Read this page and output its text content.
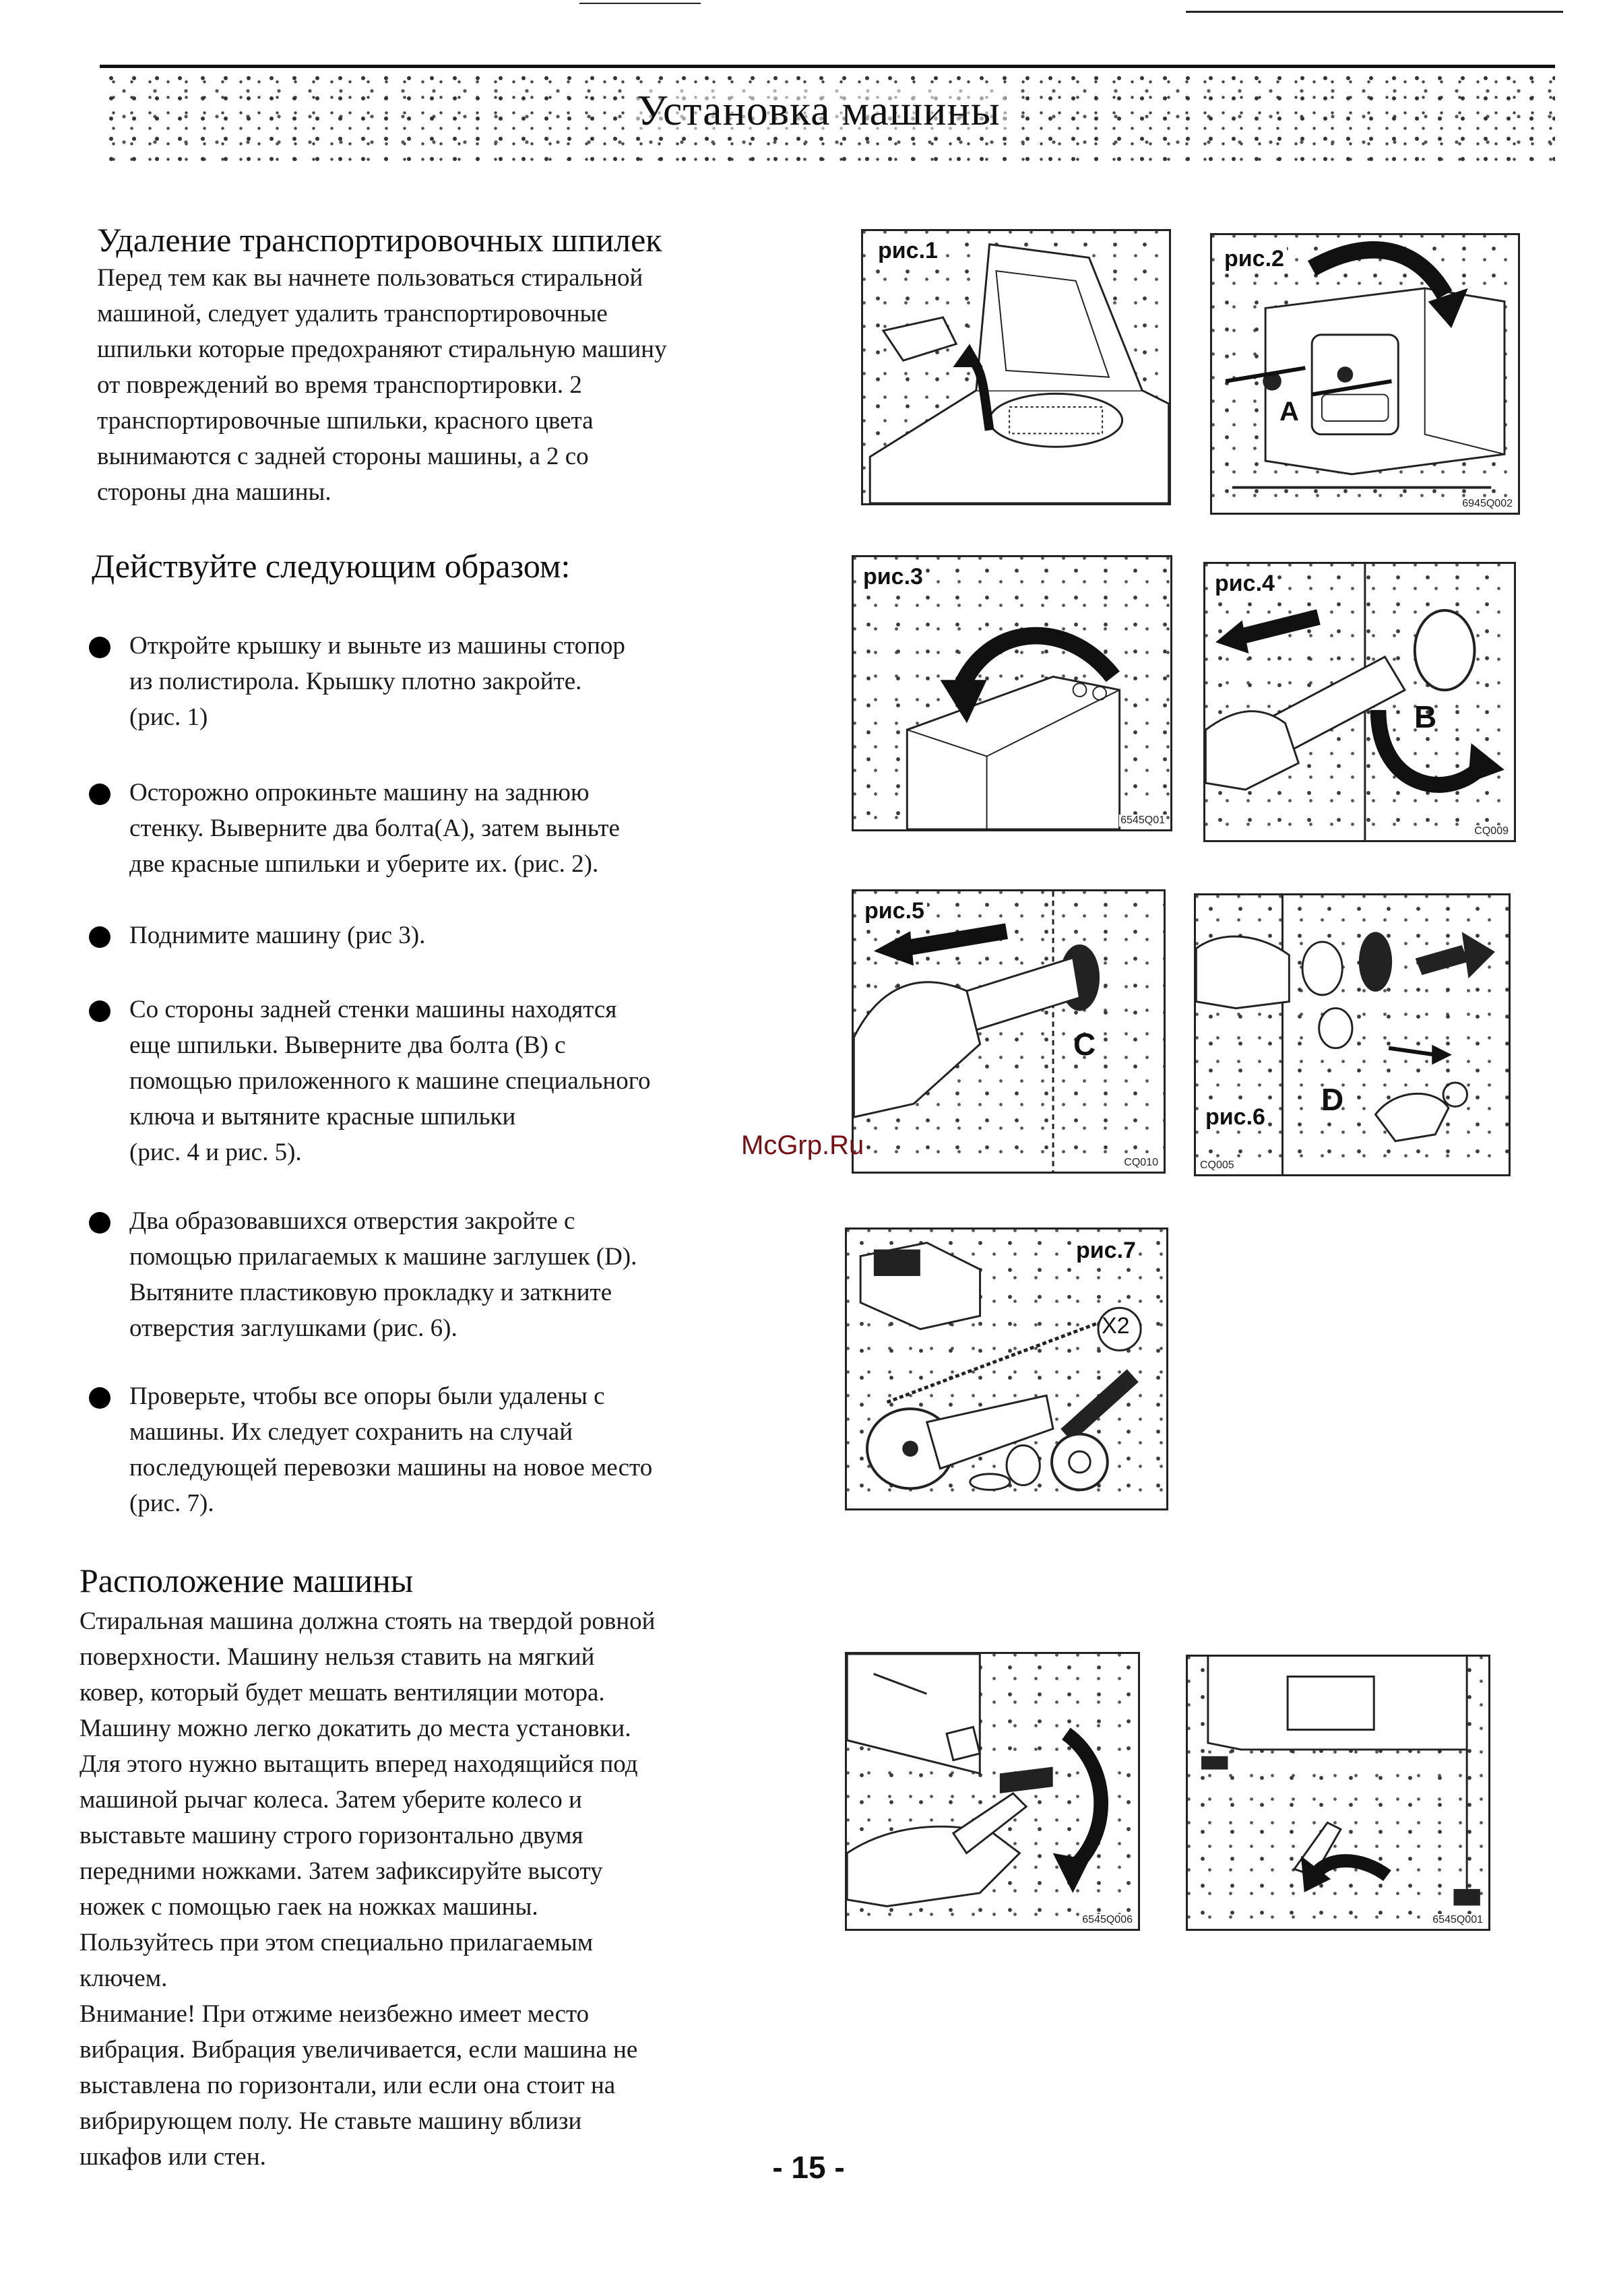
Установка машины
Удаление транспортировочных шпилек
Перед тем как вы начнете пользоваться стиральной
машиной, следует удалить транспортировочные
шпильки которые предохраняют стиральную машину
от повреждений во время транспортировки. 2
транспортировочные шпильки, красного цвета
вынимаются с задней стороны машины, а 2 со
стороны дна машины.
Действуйте следующим образом:
Откройте крышку и выньте из машины стопор
из полистирола. Крышку плотно закройте.
(рис. 1)
Осторожно опрокиньте машину на заднюю
стенку. Выверните два болта(А), затем выньте
две красные шпильки и уберите их. (рис. 2).
Поднимите машину (рис 3).
Со стороны задней стенки машины находятся
еще шпильки. Выверните два болта (В) с
помощью приложенного к машине специального
ключа и вытяните красные шпильки
(рис. 4 и рис. 5).
Два образовавшихся отверстия закройте с
помощью прилагаемых к машине заглушек (D).
Вытяните пластиковую прокладку и заткните
отверстия заглушками (рис. 6).
Проверьте, чтобы все опоры были удалены с
машины. Их следует сохранить на случай
последующей перевозки машины на новое место
(рис. 7).
Расположение машины
Стиральная машина должна стоять на твердой ровной
поверхности. Машину нельзя ставить на мягкий
ковер, который будет мешать вентиляции мотора.
Машину можно легко докатить до места установки.
Для этого нужно вытащить вперед находящийся под
машиной рычаг колеса. Затем уберите колесо и
выставьте машину строго горизонтально двумя
передними ножками. Затем зафиксируйте высоту
ножек с помощью гаек на ножках машины.
Пользуйтесь при этом специально прилагаемым
ключем.
Внимание! При отжиме неизбежно имеет место
вибрация. Вибрация увеличивается, если машина не
выставлена по горизонтали, или если она стоит на
вибрирующем полу. Не ставьте машину вблизи
шкафов или стен.
рис.1	рис.2
A
6945Q002
рис.3
6545Q01
рис.4
B
CQ009
рис.5
C
CQ010
D
рис.6
CQ005
рис.7
X2
6545Q006	6545Q001
McGrp.Ru
- 15 -
